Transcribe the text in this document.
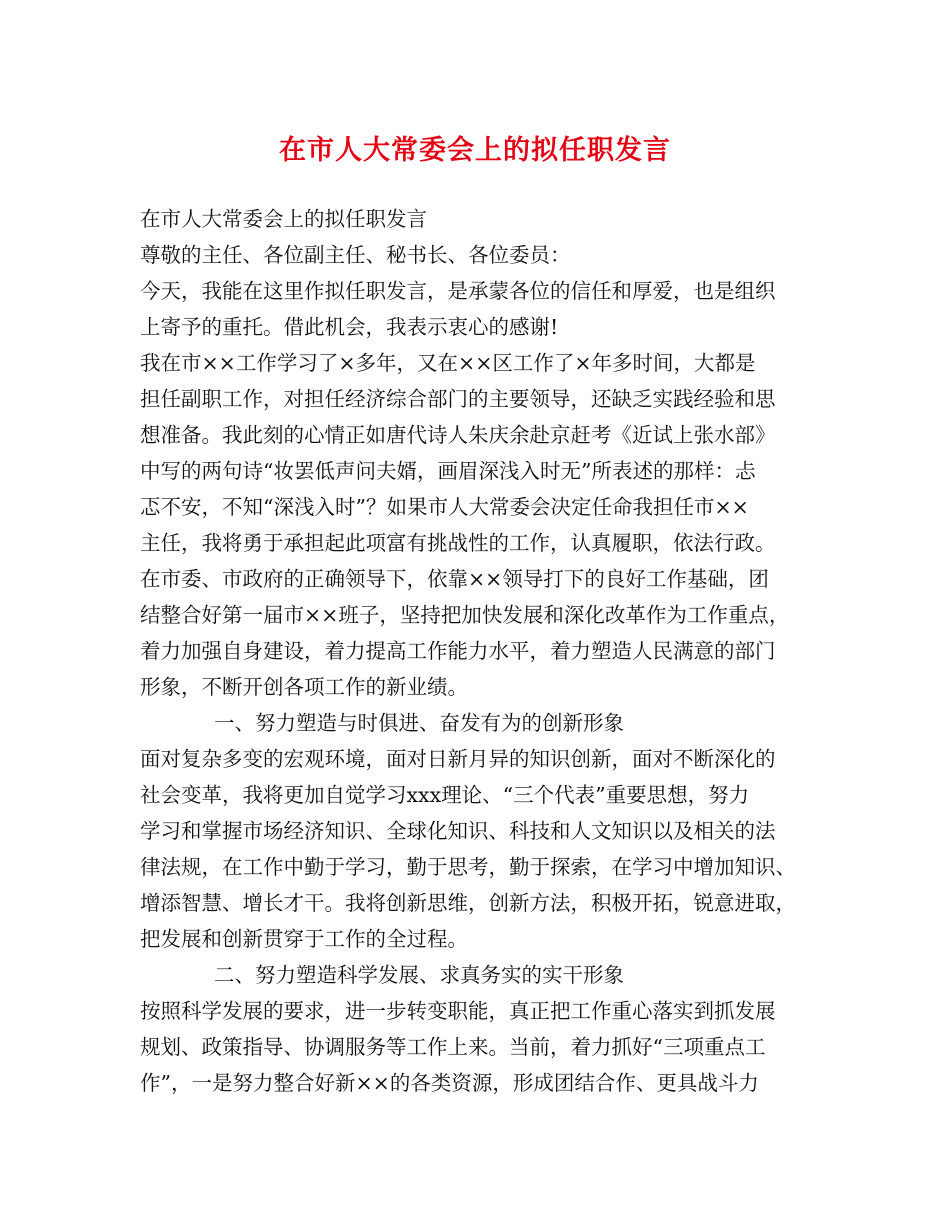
在市人大常委会上的拟任职发言
在市人大常委会上的拟任职发言
尊敬的主任、各位副主任、秘书长、各位委员：
今天，我能在这里作拟任职发言，是承蒙各位的信任和厚爱，也是组织
上寄予的重托。借此机会，我表示衷心的感谢!
我在市××工作学习了×多年，又在××区工作了×年多时间，大都是
担任副职工作，对担任经济综合部门的主要领导，还缺乏实践经验和思
想准备。我此刻的心情正如唐代诗人朱庆余赴京赶考《近试上张水部》
中写的两句诗“妆罢低声问夫婿，画眉深浅入时无”所表述的那样：忐
忑不安，不知“深浅入时”？如果市人大常委会决定任命我担任市××
主任，我将勇于承担起此项富有挑战性的工作，认真履职，依法行政。
在市委、市政府的正确领导下，依靠××领导打下的良好工作基础，团
结整合好第一届市××班子，坚持把加快发展和深化改革作为工作重点，
着力加强自身建设，着力提高工作能力水平，着力塑造人民满意的部门
形象，不断开创各项工作的新业绩。
一、努力塑造与时俱进、奋发有为的创新形象
面对复杂多变的宏观环境，面对日新月异的知识创新，面对不断深化的
社会变革，我将更加自觉学习xxx理论、“三个代表”重要思想，努力
学习和掌握市场经济知识、全球化知识、科技和人文知识以及相关的法
律法规，在工作中勤于学习，勤于思考，勤于探索，在学习中增加知识、
增添智慧、增长才干。我将创新思维，创新方法，积极开拓，锐意进取，
把发展和创新贯穿于工作的全过程。
二、努力塑造科学发展、求真务实的实干形象
按照科学发展的要求，进一步转变职能，真正把工作重心落实到抓发展
规划、政策指导、协调服务等工作上来。当前，着力抓好“三项重点工
作”，一是努力整合好新××的各类资源，形成团结合作、更具战斗力
